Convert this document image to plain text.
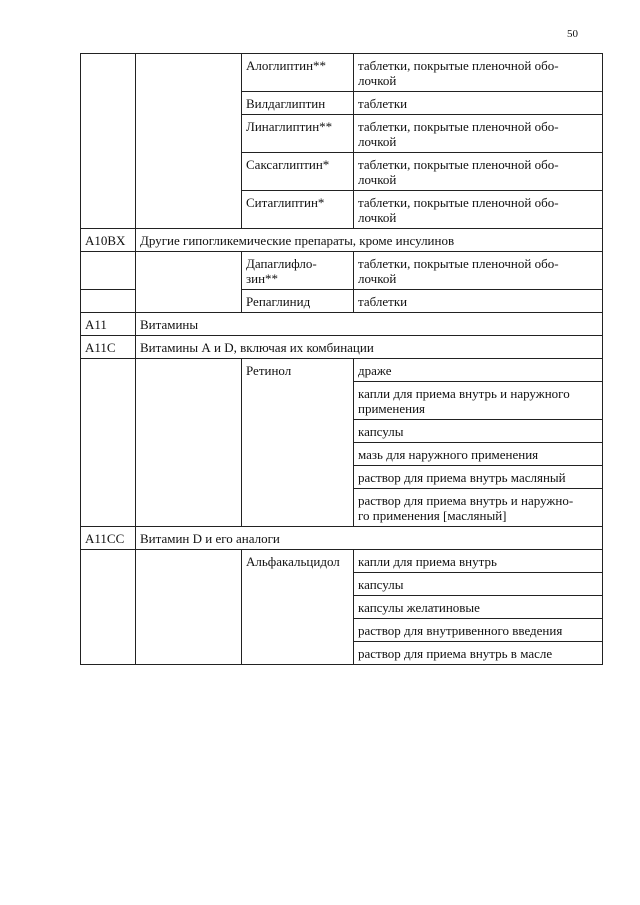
50
		Алоглиптин**	таблетки, покрытые пленочной обо-
лочкой
		Вилдаглиптин	таблетки
		Линаглиптин**	таблетки, покрытые пленочной обо-
лочкой
		Саксаглиптин*	таблетки, покрытые пленочной обо-
лочкой
		Ситаглиптин*	таблетки, покрытые пленочной обо-
лочкой
A10BX	Другие гипогликемические препараты, кроме инсулинов		
		Дапаглифло-
зин**	таблетки, покрытые пленочной обо-
лочкой
		Репаглинид	таблетки
A11	Витамины		
A11C	Витамины А и D, включая их комбинации		
		Ретинол	драже
			капли для приема внутрь и наружного
применения
			капсулы
			мазь для наружного применения
			раствор для приема внутрь масляный
			раствор для приема внутрь и наружно-
го применения [масляный]
A11CC	Витамин D и его аналоги		
		Альфакальцидол	капли для приема внутрь
			капсулы
			капсулы желатиновые
			раствор для внутривенного введения
			раствор для приема внутрь в масле
